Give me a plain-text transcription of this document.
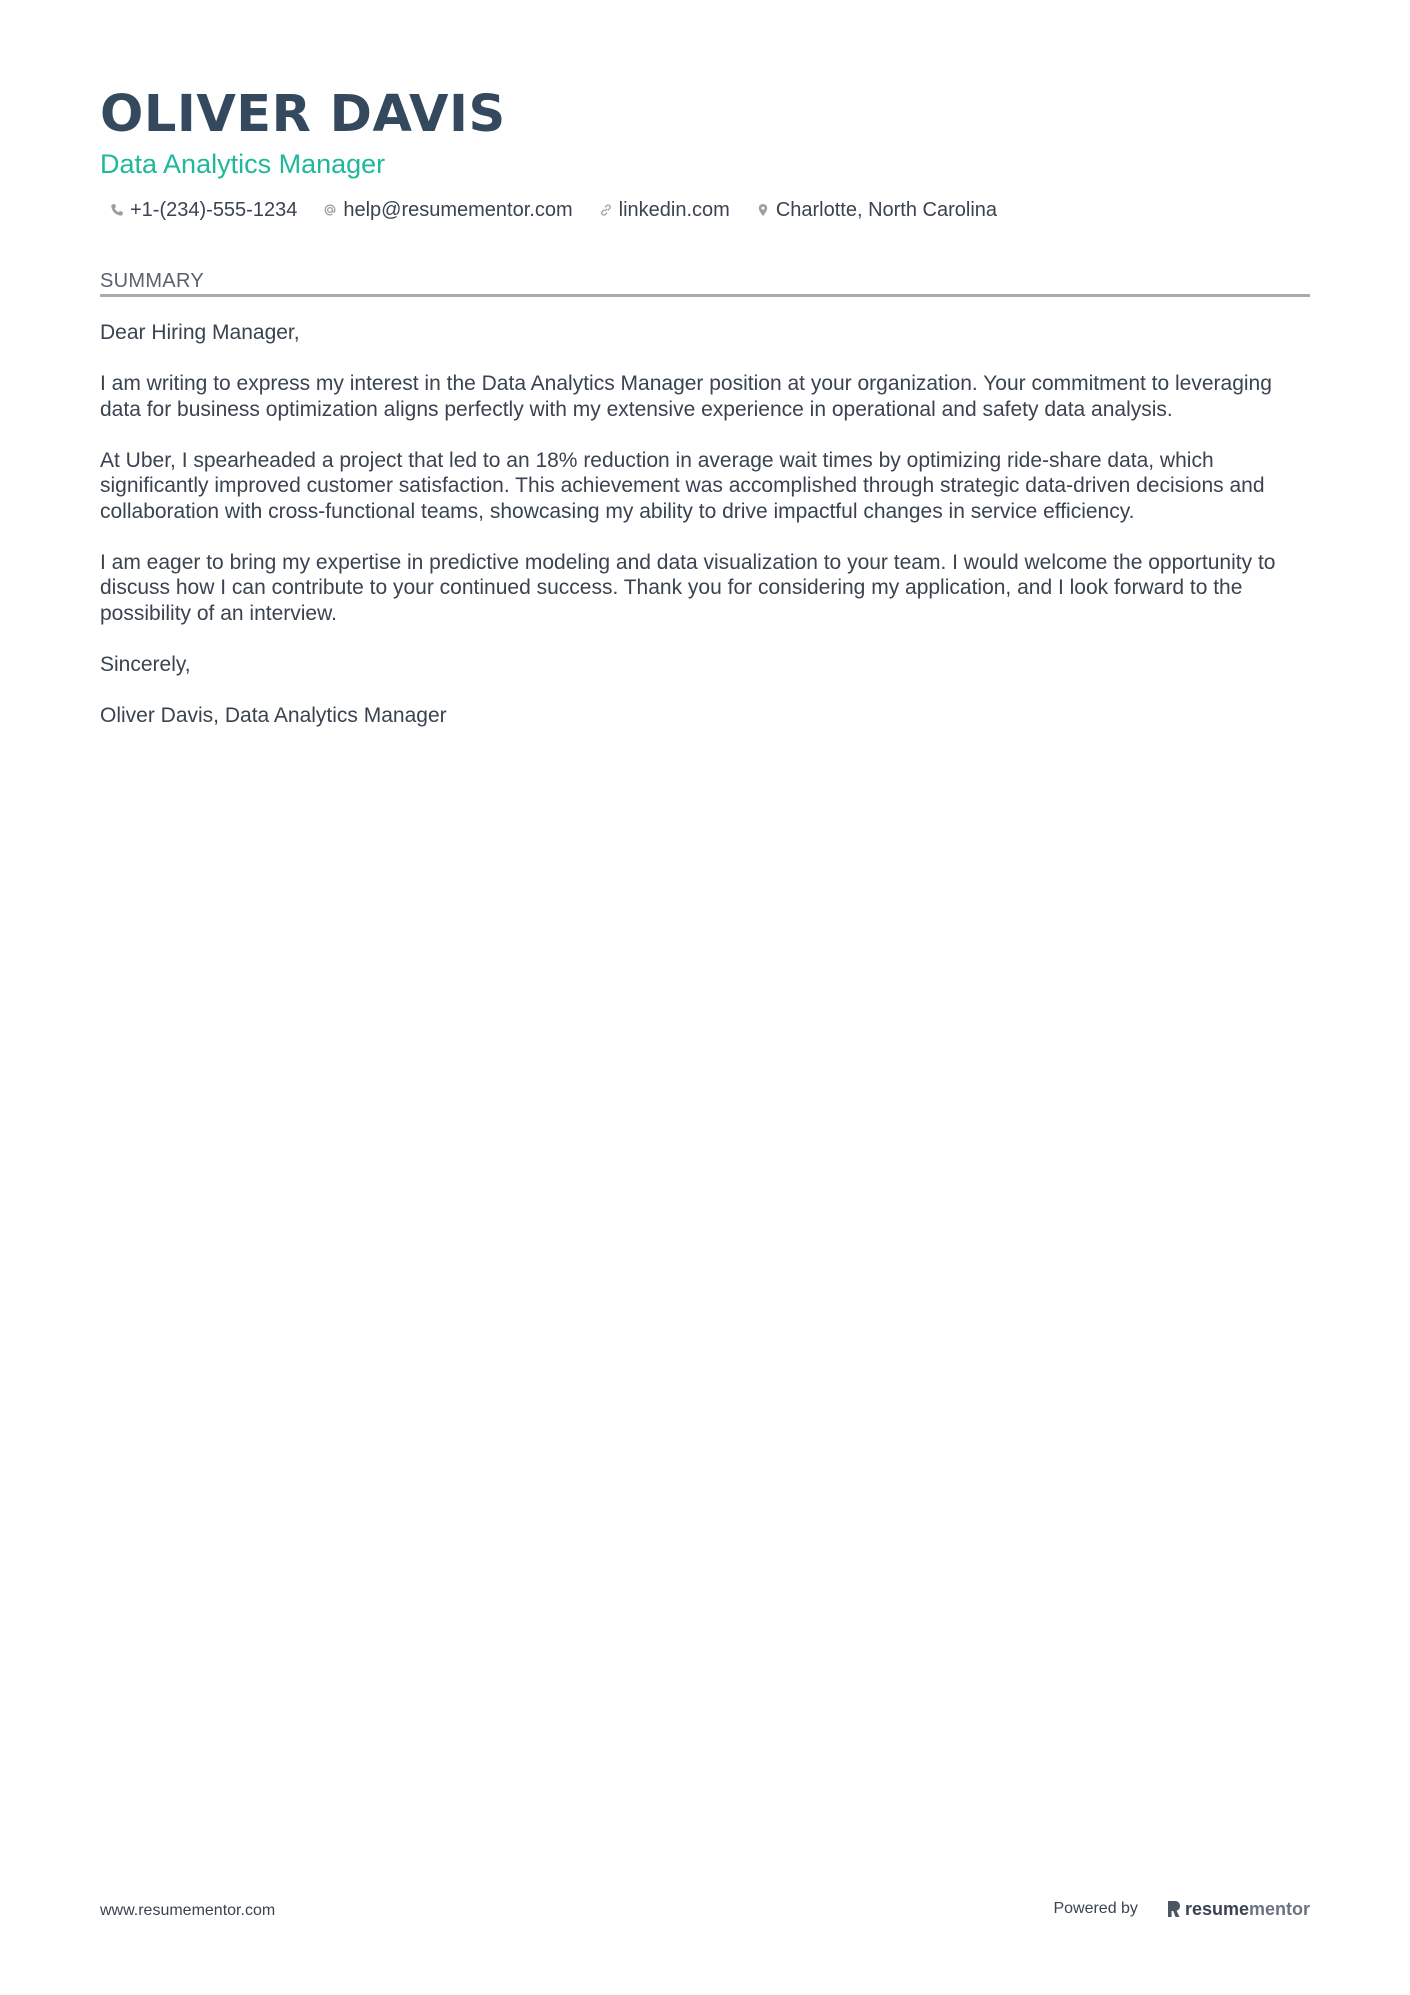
OLIVER DAVIS
Data Analytics Manager
+1-(234)-555-1234 help@resumementor.com linkedin.com Charlotte, North Carolina
SUMMARY

Dear Hiring Manager,

I am writing to express my interest in the Data Analytics Manager position at your organization. Your commitment to leveraging data for business optimization aligns perfectly with my extensive experience in operational and safety data analysis.

At Uber, I spearheaded a project that led to an 18% reduction in average wait times by optimizing ride-share data, which significantly improved customer satisfaction. This achievement was accomplished through strategic data-driven decisions and collaboration with cross-functional teams, showcasing my ability to drive impactful changes in service efficiency.

I am eager to bring my expertise in predictive modeling and data visualization to your team. I would welcome the opportunity to discuss how I can contribute to your continued success. Thank you for considering my application, and I look forward to the possibility of an interview.

Sincerely,

Oliver Davis, Data Analytics Manager

www.resumementor.com	Powered by	resume mentor
